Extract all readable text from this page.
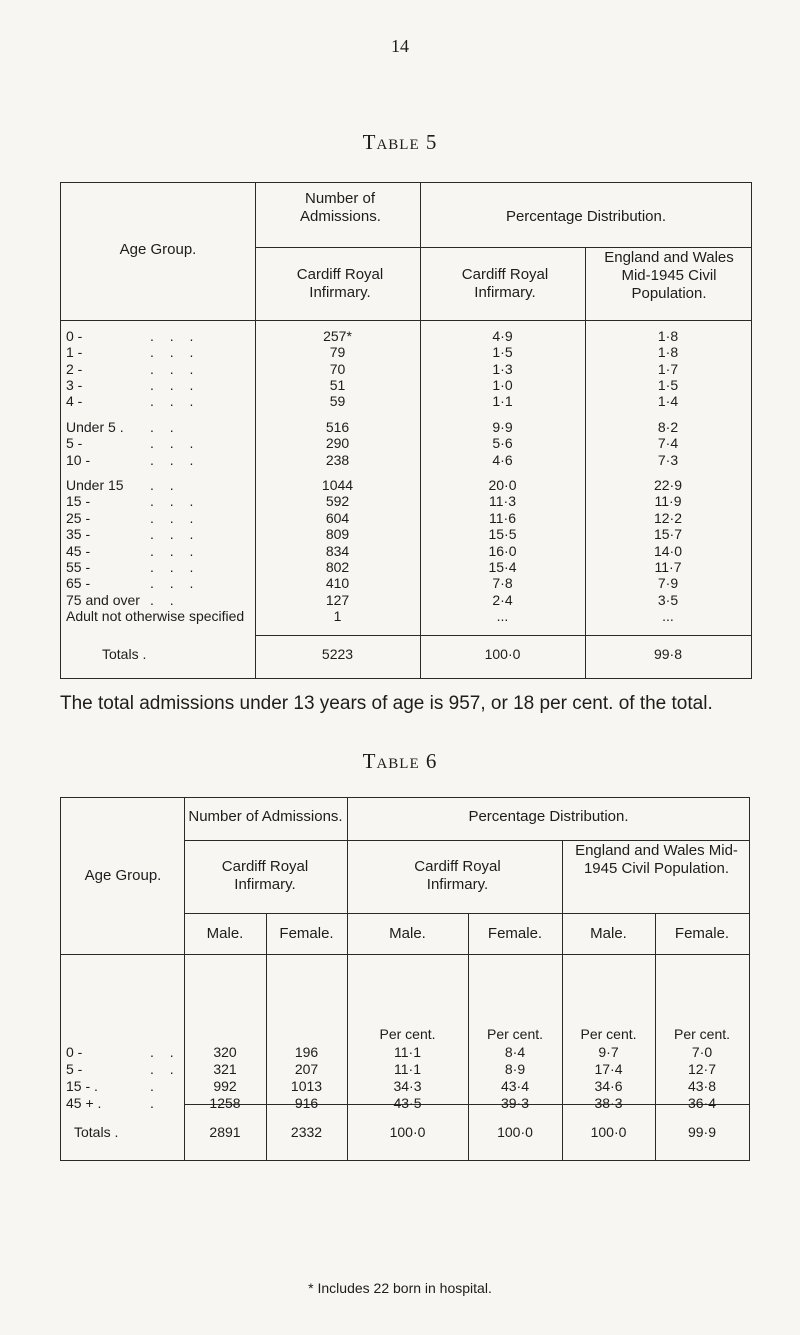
14
Table 5
Age Group.
Number of Admissions.	Percentage Distribution.
Cardiff Royal Infirmary.
Cardiff Royal Infirmary.
England and Wales Mid-1945 Civil Population.
0 -	. . .	257*	4·9	1·8
1 -	. . .	79	1·5	1·8
2 -	. . .	70	1·3	1·7
3 -	. . .	51	1·0	1·5
4 -	. . .	59	1·1	1·4
Under 5 . . .	516	9·9	8·2
5 -	. . .	290	5·6	7·4
10 -	. . .	238	4·6	7·3
Under 15 . .	1044	20·0	22·9
15 -	. . .	592	11·3	11·9
25 -	. . .	604	11·6	12·2
35 -	. . .	809	15·5	15·7
45 -	. . .	834	16·0	14·0
55 -	. . .	802	15·4	11·7
65 -	. . .	410	7·8	7·9
75 and over . .	127	2·4	3·5
Adult not otherwise specified	1	...	...
Totals .	5223	100·0	99·8
The total admissions under 13 years of age is 957, or 18 per cent. of the total.
Table 6
Age Group.
Number of Admissions.	Percentage Distribution.
Cardiff Royal Infirmary.
Cardiff Royal Infirmary.
England and Wales Mid-1945 Civil Population.
Male.	Female.	Male.	Female.	Male.	Female.
Per cent.	Per cent.	Per cent.	Per cent.
0 -	. .	320	196	11·1	8·4	9·7	7·0
5 -	. .	321	207	11·1	8·9	17·4	12·7
15 - .	.	992	1013	34·3	43·4	34·6	43·8
45 + .	.	1258	916	43·5	39·3	38·3	36·4
Totals .	2891	2332	100·0	100·0	100·0	99·9
* Includes 22 born in hospital.
